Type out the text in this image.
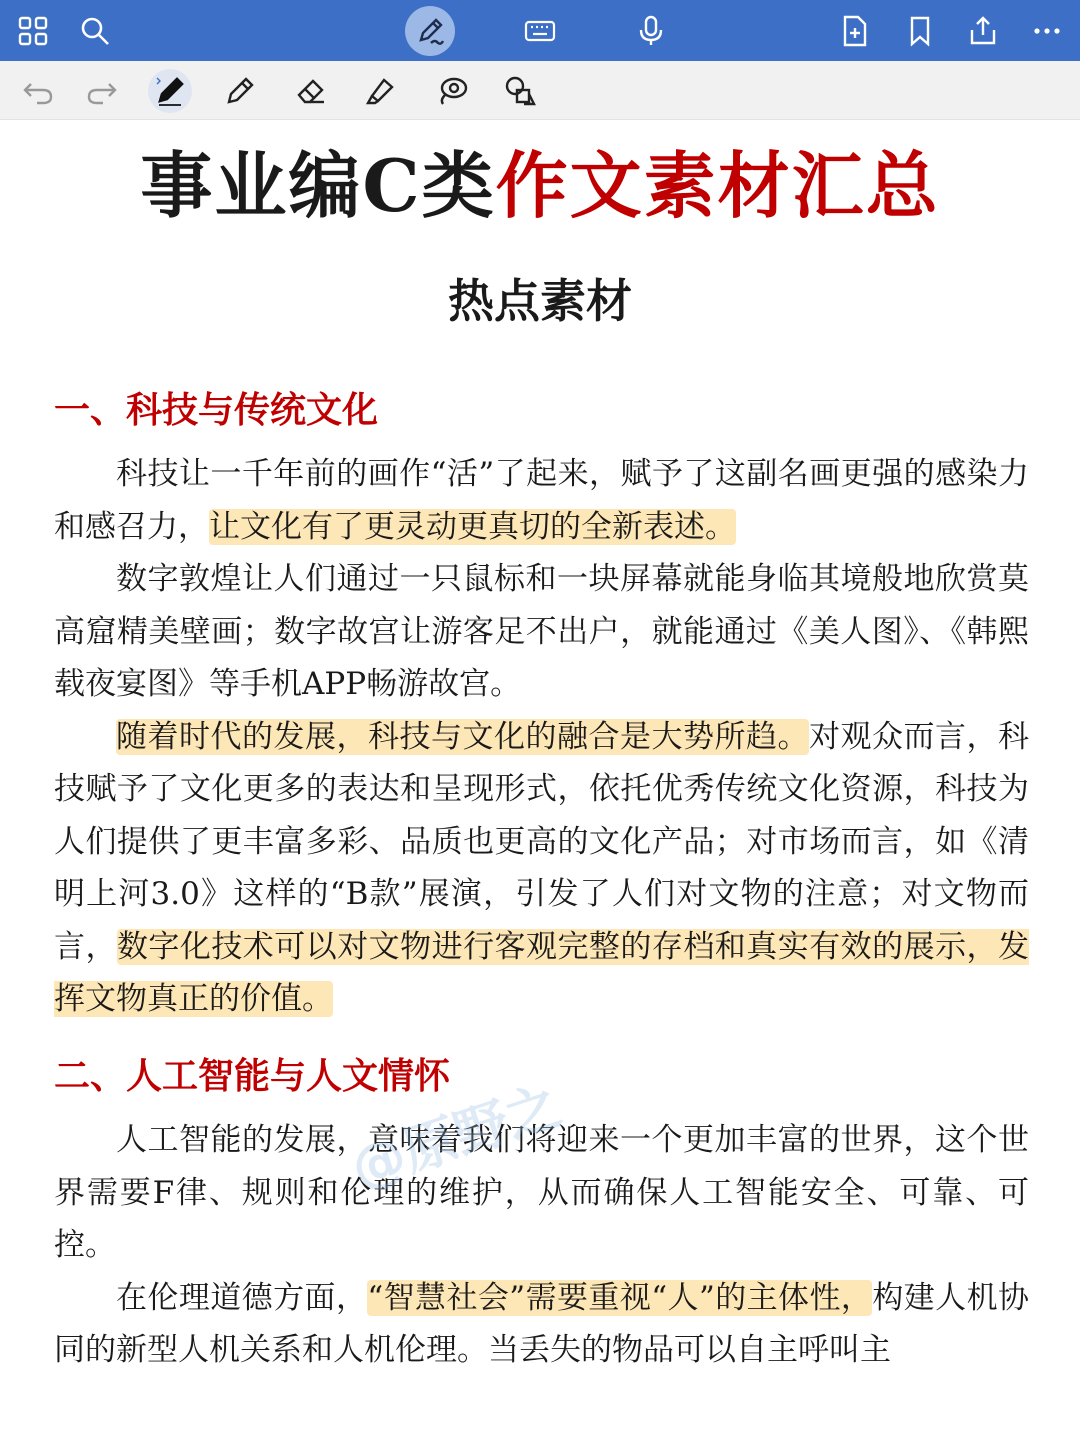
事业编C类作文素材汇总
热点素材
一、科技与传统文化

科技让一千年前的画作“活”了起来，赋予了这副名画更强的感染力和感召力，让文化有了更灵动更真切的全新表述。

数字敦煌让人们通过一只鼠标和一块屏幕就能身临其境般地欣赏莫高窟精美壁画；数字故宫让游客足不出户，就能通过《美人图》、《韩熙载夜宴图》等手机APP畅游故宫。

随着时代的发展，科技与文化的融合是大势所趋。对观众而言，科技赋予了文化更多的表达和呈现形式，依托优秀传统文化资源，科技为人们提供了更丰富多彩、品质也更高的文化产品；对市场而言，如《清明上河3.0》这样的“B款”展演，引发了人们对文物的注意；对文物而言，数字化技术可以对文物进行客观完整的存档和真实有效的展示，发挥文物真正的价值。

二、人工智能与人文情怀

人工智能的发展，意味着我们将迎来一个更加丰富的世界，这个世界需要F律、规则和伦理的维护，从而确保人工智能安全、可靠、可控。

在伦理道德方面，“智慧社会”需要重视“人”的主体性，构建人机协同的新型人机关系和人机伦理。当丢失的物品可以自主呼叫主

@原野之
